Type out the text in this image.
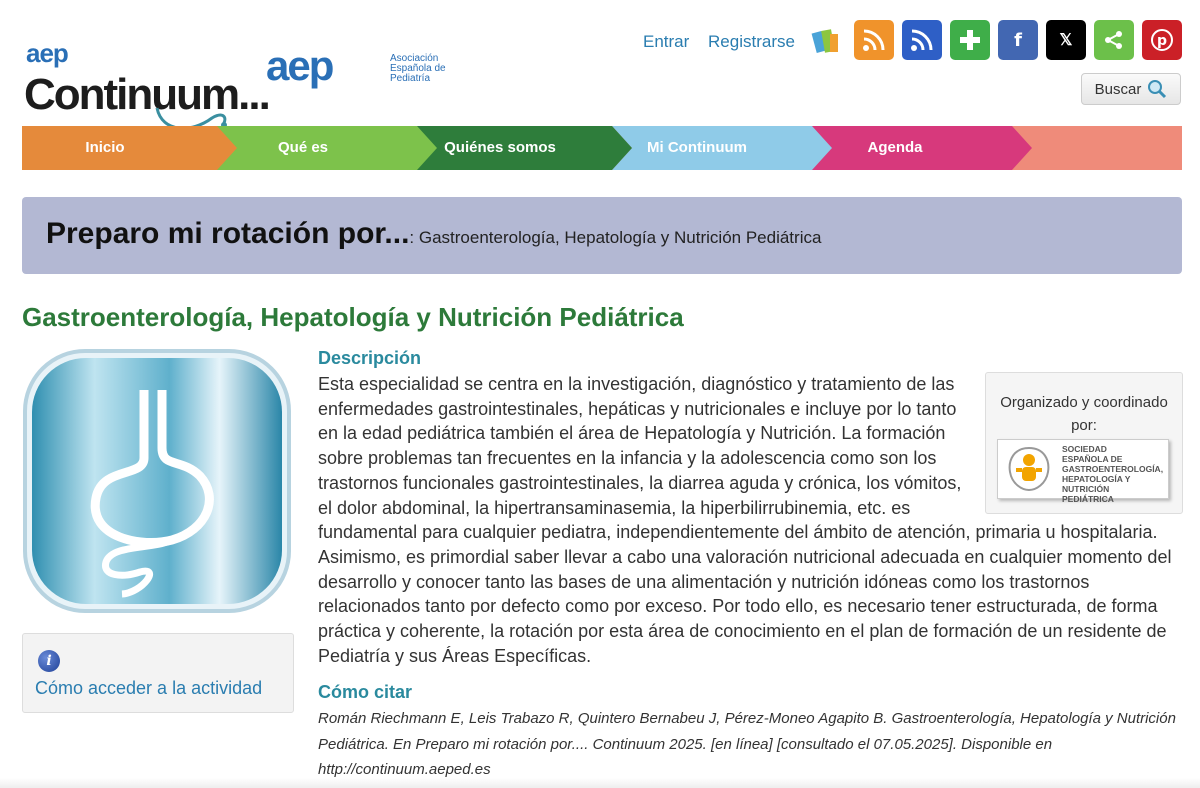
aep
Continuum...
aep	Asociación Española de Pediatría
Entrar Registrarse	f	𝕏	p
Buscar
Inicio	Qué es	Quiénes somos	Mi Continuum	Agenda
Preparo mi rotación por...: Gastroenterología, Hepatología y Nutrición Pediátrica
Gastroenterología, Hepatología y Nutrición Pediátrica
i
Cómo acceder a la actividad
Descripción
Esta especialidad se centra en la investigación, diagnóstico y tratamiento de las enfermedades gastrointestinales, hepáticas y nutricionales e incluye por lo tanto en la edad pediátrica también el área de Hepatología y Nutrición. La formación sobre problemas tan frecuentes en la infancia y la adolescencia como son los trastornos funcionales gastrointestinales, la diarrea aguda y crónica, los vómitos, el dolor abdominal, la hipertransaminasemia, la hiperbilirrubinemia, etc. es fundamental para cualquier pediatra, independientemente del ámbito de atención, primaria u hospitalaria. Asimismo, es primordial saber llevar a cabo una valoración nutricional adecuada en cualquier momento del desarrollo y conocer tanto las bases de una alimentación y nutrición idóneas como los trastornos relacionados tanto por defecto como por exceso. Por todo ello, es necesario tener estructurada, de forma práctica y coherente, la rotación por esta área de conocimiento en el plan de formación de un residente de Pediatría y sus Áreas Específicas.
Organizado y coordinado por:
SOCIEDAD
ESPAÑOLA DE
GASTROENTEROLOGÍA,
HEPATOLOGÍA Y
NUTRICIÓN
PEDIÁTRICA
Cómo citar
Román Riechmann E, Leis Trabazo R, Quintero Bernabeu J, Pérez-Moneo Agapito B. Gastroenterología, Hepatología y Nutrición Pediátrica. En Preparo mi rotación por.... Continuum 2025. [en línea] [consultado el 07.05.2025]. Disponible en http://continuum.aeped.es
